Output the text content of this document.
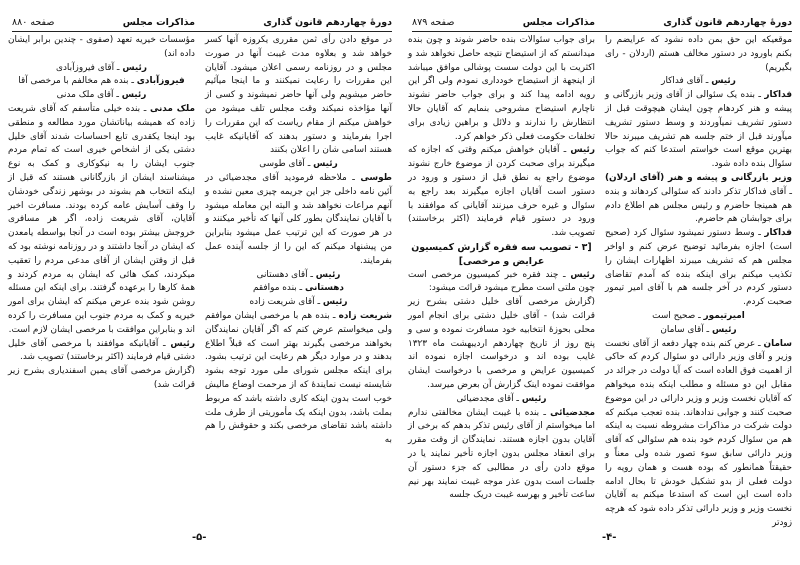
دورهٔ چهاردهم قانون گذاری
مذاکرات مجلس
صفحه ۸۸۰

در موقع دادن رأی ثمن مقرری یکروزه آنها کسر خواهد شد و بعلاوه مدت غیبت آنها در صورت مجلس و در روزنامه رسمی اعلان میشود. آقایان این مقررات را رعایت نمیکنند و ما اینجا میآئیم حاضر میشویم ولی آنها حاضر نمیشوند و کسی از آنها مؤاخذه نمیکند وقت مجلس تلف میشود من خواهش میکنم از مقام ریاست که این مقررات را اجرا بفرمایند و دستور بدهند که آقایانیکه غایب هستند اسامی شان را اعلان بکنند

رئیس ـ آقای طوسی

طوسی ـ ملاحظه فرمودید آقای مجدضیائی در آئین نامه داخلی جز این جریمه چیزی معین نشده و آنهم مراعات نخواهد شد و البته این معامله میشود با آقایان نمایندگان بطور کلی آنها که تأخیر میکنند و در هر صورت که این ترتیب عمل میشود بنابراین من پیشنهاد میکنم که این را از جلسه آینده عمل بفرمایند.

رئیس ـ آقای دهستانی

دهستانی ـ بنده موافقم

رئیس ـ آقای شریعت زاده

شریعت زاده ـ بنده هم با مرخصی ایشان موافقم ولی میخواستم عرض کنم که اگر آقایان نمایندگان بخواهند مرخصی بگیرند بهتر است که قبلاً اطلاع بدهند و در موارد دیگر هم رعایت این ترتیب بشود. برای اینکه مجلس شورای ملی مورد توجه بشود شایسته نیست نمایندهٔ که از مرحمت اوضاع مالیش خوب است بدون اینکه کاری داشته باشد که مربوط بملت باشد، بدون اینکه یک مأموریتی از طرف ملت داشته باشد تقاضای مرخصی بکند و حقوقش را هم به

مؤسسات خیریه تعهد (صفوی - چندین برابر ایشان داده اند)

رئیس ـ آقای فیروزآبادی

فیروزآبادی ـ بنده هم مخالفم با مرخصی آقا

رئیس ـ آقای ملک مدنی

ملک مدنی ـ بنده خیلی متأسفم که آقای شریعت زاده که همیشه بیاناتشان مورد مطالعه و منطقی بود اینجا یکقدری تابع احساسات شدند آقای خلیل دشتی یکی از اشخاص خیری است که تمام مردم جنوب ایشان را به نیکوکاری و کمک به نوع میشناسند ایشان از بازرگانانی هستند که قبل از اینکه انتخاب هم بشوند در بوشهر زندگی خودشان را وقف آسایش عامه کرده بودند. مسافرت اخیر آقایان، آقای شریعت زاده، اگر هر مسافری خروجش بیشتر بوده است در آنجا بواسطه یامعدن که ایشان در آنجا داشتند و در روزنامه نوشته بود که قبل از وقتن ایشان از آقای مدعی مردم را تعقیب میکردند، کمک هائی که ایشان به مردم کردند و همهٔ کارها را برعهده گرفتند. برای اینکه این مسئله روشن شود بنده عرض میکنم که ایشان برای امور خیریه و کمک به مردم جنوب این مسافرت را کرده اند و بنابراین موافقت با مرخصی ایشان لازم است.

رئیس ـ آقایانیکه موافقند با مرخصی آقای خلیل دشتی قیام فرمایند (اکثر برخاستند) تصویب شد.

(گزارش مرخصی آقای یمین اسفندیاری بشرح زیر قرائت شد)

-۵-
دورهٔ چهاردهم قانون گذاری
مذاکرات مجلس
صفحه ۸۷۹

موقعیکه این حق بمن داده نشود که عرایضم را بکنم باورود در دستور مخالف هستم (اردلان - رای بگیریم)

رئیس ـ آقای فداکار

فداکار ـ بنده یک سئوالی از آقای وزیر بازرگانی و پیشه و هنر کردهام چون ایشان هیچوقت قبل از دستور تشریف نمیآوردند و وسط دستور تشریف میآورند قبل از ختم جلسه هم تشریف میبرند حالا بهترین موقع است خواستم استدعا کنم که جواب سئوال بنده داده شود.

وزیر بازرگانی و پیشه و هنر (آقای اردلان) ـ آقای فداکار تذکر دادند که سئوالی کردهاند و بنده هم همینجا حاضرم و رئیس مجلس هم اطلاع دادم برای جوابشان هم حاضرم.

فداکار ـ وسط دستور نمیشود سئوال کرد (صحیح است) اجازه بفرمائید توضیح عرض کنم و اواخر مجلس هم که تشریف میبرند اظهارات ایشان را تکذیب میکنم برای اینکه بنده که آمدم تقاضای دستور کردم در آخر جلسه هم با آقای امیر تیمور صحبت کردم.

امیرتیمور ـ صحیح است

رئیس ـ آقای سامان

سامان ـ عرض کنم بنده چهار دفعه از آقای نخست وزیر و آقای وزیر دارائی دو سئوال کردم که حاکی از اهمیت فوق العاده است که آیا دولت در جرائد در مقابل این دو مسئله و مطلب اینکه بنده میخواهم که آقایان نخست وزیر و وزیر دارائی در این موضوع صحبت کنند و جوابی ندادهاند. بنده تعجب میکنم که دولت شرکت در مذاکرات مشروطه نسبت به اینکه هم من سئوال کردم خود بنده هم سئوالی که آقای وزیر دارائی سابق سوء تصور شده ولی معناً و حقیقتاً همانطور که بوده هست و همان رویه را دولت فعلی از بدو تشکیل خودش تا بحال ادامه داده است این است که استدعا میکنم به آقایان نخست وزیر و وزیر دارائی تذکر داده شود که هرچه زودتر

برای جواب سئوالات بنده حاضر شوند و چون بنده میدانستم که از استیضاح نتیجه حاصل نخواهد شد و اکثریت با این دولت سست پوشالی موافق میباشد از اینجهة از استیضاح خودداری نمودم ولی اگر این رویه ادامه پیدا کند و برای جواب حاضر نشوند ناچارم استیضاح مشروحی بنمایم که آقایان حالا انتظارش را ندارند و دلائل و براهین زیادی برای تخلفات حکومت فعلی ذکر خواهم کرد.

رئیس ـ آقایان خواهش میکنم وقتی که اجازه که میگیرند برای صحبت کردن از موضوع خارج نشوند موضوع راجع به نطق قبل از دستور و ورود در دستور است آقایان اجازه میگیرند بعد راجع به سئوال و غیره حرف میزنند آقایانی که موافقند با ورود در دستور قیام فرمایند (اکثر برخاستند) تصویب شد.

[۳ - تصویب سه فقره گزارش کمیسیون عرایض و مرخصی]

رئیس ـ چند فقره خبر کمیسیون مرخصی است چون ملتی است مطرح میشود قرائت میشود:

(گزارش مرخصی آقای خلیل دشتی بشرح زیر قرائت شد) - آقای خلیل دشتی برای انجام امور محلی بحوزهٔ انتخابیه خود مسافرت نموده و سی و پنج روز از تاریخ چهاردهم اردیبهشت ماه ۱۳۲۳ غایب بوده اند و درخواست اجازه نموده اند کمیسیون عرایض و مرخصی با درخواست ایشان موافقت نموده اینک گزارش آن بعرض میرسد.

رئیس ـ آقای مجدضیائی

مجدضیائی ـ بنده با غیبت ایشان مخالفتی ندارم اما میخواستم از آقای رئیس تذکر بدهم که برخی از آقایان بدون اجازه هستند. نمایندگان از وقت مقرر برای انعقاد مجلس بدون اجازه تأخیر نمایند یا در موقع دادن رأی در مطالبی که جزء دستور آن جلسات است بدون عذر موجه غیبت نمایند بهر نیم ساعت تأخیر و بهرسه غیبت دریک جلسه

-۴-
